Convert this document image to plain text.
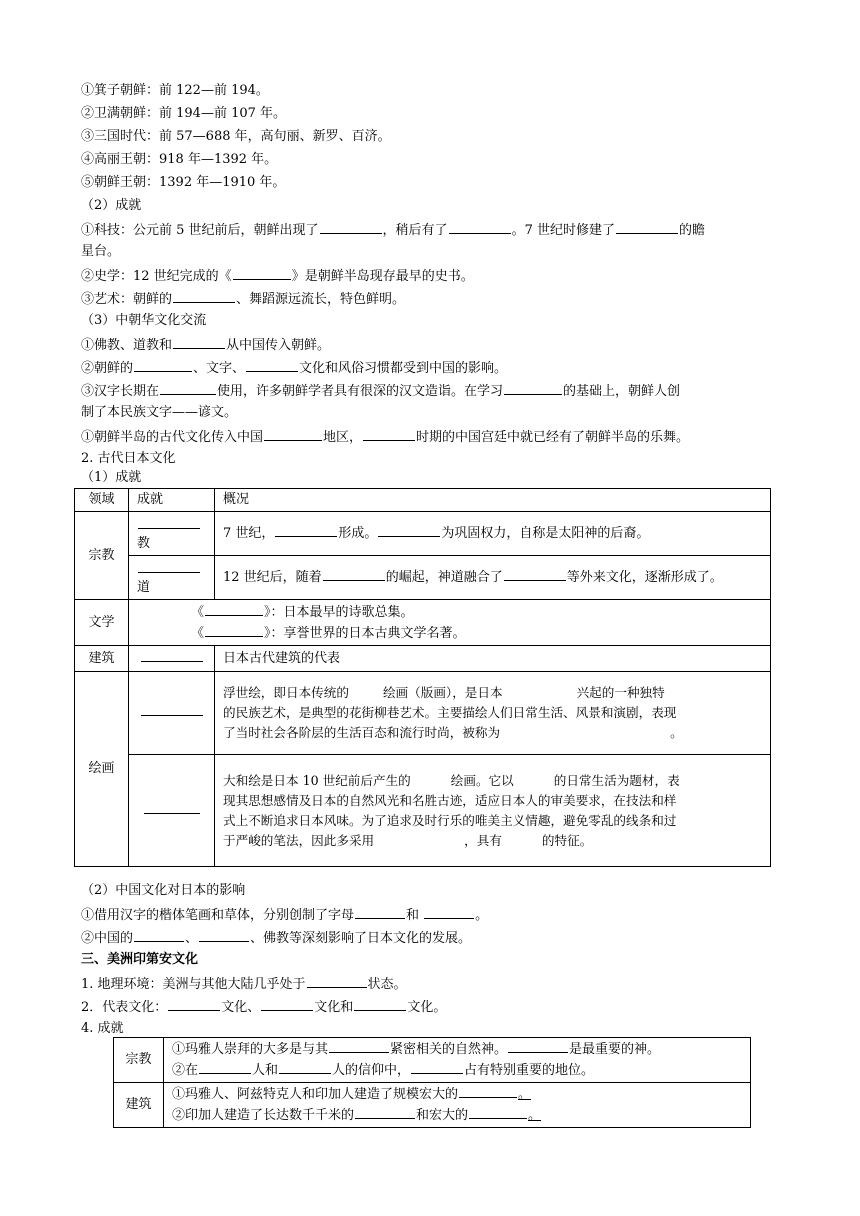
①箕子朝鲜：前 122—前 194。
②卫满朝鲜：前 194—前 107 年。
③三国时代：前 57—688 年，高句丽、新罗、百济。
④高丽王朝：918 年—1392 年。
⑤朝鲜王朝：1392 年—1910 年。
（2）成就
①科技：公元前 5 世纪前后，朝鲜出现了	，稍后有了	。7 世纪时修建了	的瞻
星台。
②史学：12 世纪完成的《	》是朝鲜半岛现存最早的史书。
③艺术：朝鲜的	、舞蹈源远流长，特色鲜明。
（3）中朝华文化交流
①佛教、道教和	从中国传入朝鲜。
②朝鲜的	、文字、	文化和风俗习惯都受到中国的影响。
③汉字长期在	使用，许多朝鲜学者具有很深的汉文造诣。在学习	的基础上，朝鲜人创
制了本民族文字——谚文。
①朝鲜半岛的古代文化传入中国	地区，	时期的中国宫廷中就已经有了朝鲜半岛的乐舞。
2. 古代日本文化
（1）成就
领域	成就	概况
宗教	教	7 世纪， 形成。 为巩固权力，自称是太阳神的后裔。

道	12 世纪后，随着 的崛起，神道融合了 等外来文化，逐渐形成了。
文学	《 》：日本最早的诗歌总集。
《 》：享誉世界的日本古典文学名著。	

建筑		日本古代建筑的代表
绘画		浮世绘，即日本传统的 绘画（版画），是日本 兴起的一种独特
的民族艺术，是典型的花街柳巷艺术。主要描绘人们日常生活、风景和演剧，表现
了当时社会各阶层的生活百态和流行时尚，被称为 。

		大和绘是日本 10 世纪前后产生的 绘画。它以 的日常生活为题材，表
现其思想感情及日本的自然风光和名胜古迹，适应日本人的审美要求，在技法和样
式上不断追求日本风味。为了追求及时行乐的唯美主义情趣，避免零乱的线条和过
于严峻的笔法，因此多采用 ，具有 的特征。
（2）中国文化对日本的影响
①借用汉字的楷体笔画和草体，分别创制了字母	和	。
②中国的	、	、佛教等深刻影响了日本文化的发展。
三、美洲印第安文化
1. 地理环境：美洲与其他大陆几乎处于	状态。
2．代表文化：	文化、	文化和	文化。
4. 成就
宗教	①玛雅人崇拜的大多是与其 紧密相关的自然神。 是最重要的神。
②在 人和 人的信仰中， 占有特别重要的地位。

建筑	①玛雅人、阿兹特克人和印加人建造了规模宏大的 。
②印加人建造了长达数千千米的 和宏大的 。
